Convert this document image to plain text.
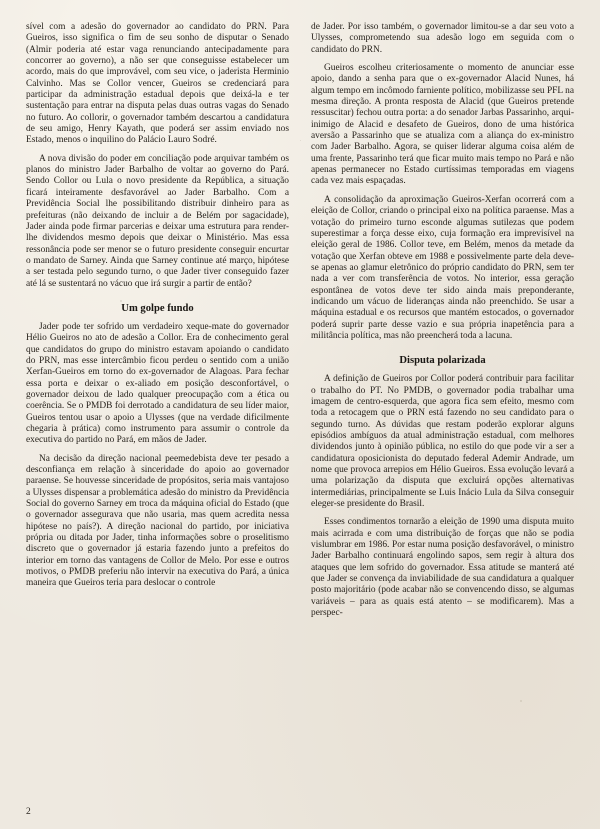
sível com a adesão do governador ao candidato do PRN. Para Gueiros, isso significa o fim de seu sonho de disputar o Senado (Almir poderia até estar vaga renunciando antecipadamente para concorrer ao governo), a não ser que conseguisse estabelecer um acordo, mais do que improvável, com seu vice, o jaderista Herminio Calvinho. Mas se Collor vencer, Gueiros se credenciará para participar da administração estadual depois que deixá-la e ter sustentação para entrar na disputa pelas duas outras vagas do Senado no futuro. Ao collorir, o governador também descartou a candidatura de seu amigo, Henry Kayath, que poderá ser assim enviado nos Estado, menos o inquilino do Palácio Lauro Sodré.

A nova divisão do poder em conciliação pode arquivar também os planos do ministro Jader Barbalho de voltar ao governo do Pará. Sendo Collor ou Lula o novo presidente da República, a situação ficará inteiramente desfavorável ao Jader Barbalho. Com a Previdência Social lhe possibilitando distribuir dinheiro para as prefeituras (não deixando de incluir a de Belém por sagacidade), Jader ainda pode firmar parcerias e deixar uma estrutura para render-lhe dividendos mesmo depois que deixar o Ministério. Mas essa ressonância pode ser menor se o futuro presidente conseguir encurtar o mandato de Sarney. Ainda que Sarney continue até março, hipótese a ser testada pelo segundo turno, o que Jader tiver conseguido fazer até lá se sustentará no vácuo que irá surgir a partir de então?

Um golpe fundo

Jader pode ter sofrido um verdadeiro xeque-mate do governador Hélio Gueiros no ato de adesão a Collor. Era de conhecimento geral que candidatos do grupo do ministro estavam apoiando o candidato do PRN, mas esse intercâmbio ficou perdeu o sentido com a união Xerfan-Gueiros em torno do ex-governador de Alagoas. Para fechar essa porta e deixar o ex-aliado em posição desconfortável, o governador deixou de lado qualquer preocupação com a ética ou coerência. Se o PMDB foi derrotado a candidatura de seu líder maior, Gueiros tentou usar o apoio a Ulysses (que na verdade dificilmente chegaria à prática) como instrumento para assumir o controle da executiva do partido no Pará, em mãos de Jader.

Na decisão da direção nacional peemedebista deve ter pesado a desconfiança em relação à sinceridade do apoio ao governador paraense. Se houvesse sinceridade de propósitos, seria mais vantajoso a Ulysses dispensar a problemática adesão do ministro da Previdência Social do governo Sarney em troca da máquina oficial do Estado (que o governador assegurava que não usaria, mas quem acredita nessa hipótese no país?). A direção nacional do partido, por iniciativa própria ou ditada por Jader, tinha informações sobre o proselitismo discreto que o governador já estaria fazendo junto a prefeitos do interior em torno das vantagens de Collor de Melo. Por esse e outros motivos, o PMDB preferiu não intervir na executiva do Pará, a única maneira que Gueiros teria para deslocar o controle

de Jader. Por isso também, o governador limitou-se a dar seu voto a Ulysses, comprometendo sua adesão logo em seguida com o candidato do PRN.

Gueiros escolheu criteriosamente o momento de anunciar esse apoio, dando a senha para que o ex-governador Alacid Nunes, há algum tempo em incômodo farniente político, mobilizasse seu PFL na mesma direção. A pronta resposta de Alacid (que Gueiros pretende ressuscitar) fechou outra porta: a do senador Jarbas Passarinho, arqui-inimigo de Alacid e desafeto de Gueiros, dono de uma histórica aversão a Passarinho que se atualiza com a aliança do ex-ministro com Jader Barbalho. Agora, se quiser liderar alguma coisa além de uma frente, Passarinho terá que ficar muito mais tempo no Pará e não apenas permanecer no Estado curtíssimas temporadas em viagens cada vez mais espaçadas.

A consolidação da aproximação Gueiros-Xerfan ocorrerá com a eleição de Collor, criando o principal eixo na política paraense. Mas a votação do primeiro turno esconde algumas sutilezas que podem superestimar a força desse eixo, cuja formação era imprevisível na eleição geral de 1986. Collor teve, em Belém, menos da metade da votação que Xerfan obteve em 1988 e possivelmente parte dela deve-se apenas ao glamur eletrônico do próprio candidato do PRN, sem ter nada a ver com transferência de votos. No interior, essa geração espontânea de votos deve ter sido ainda mais preponderante, indicando um vácuo de lideranças ainda não preenchido. Se usar a máquina estadual e os recursos que mantém estocados, o governador poderá suprir parte desse vazio e sua própria inapetência para a militância política, mas não preencherá toda a lacuna.

Disputa polarizada

A definição de Gueiros por Collor poderá contribuir para facilitar o trabalho do PT. No PMDB, o governador podia trabalhar uma imagem de centro-esquerda, que agora fica sem efeito, mesmo com toda a retocagem que o PRN está fazendo no seu candidato para o segundo turno. As dúvidas que restam poderão explorar alguns episódios ambíguos da atual administração estadual, com melhores dividendos junto à opinião pública, no estilo do que pode vir a ser a candidatura oposicionista do deputado federal Ademir Andrade, um nome que provoca arrepios em Hélio Gueiros. Essa evolução levará a uma polarização da disputa que excluirá opções alternativas intermediárias, principalmente se Luis Inácio Lula da Silva conseguir eleger-se presidente do Brasil.

Esses condimentos tornarão a eleição de 1990 uma disputa muito mais acirrada e com uma distribuição de forças que não se podia vislumbrar em 1986. Por estar numa posição desfavorável, o ministro Jader Barbalho continuará engolindo sapos, sem regir à altura dos ataques que lem sofrido do governador. Essa atitude se manterá até que Jader se convença da inviabilidade de sua candidatura a qualquer posto majoritário (pode acabar não se convencendo disso, se algumas variáveis – para as quais está atento – se modificarem). Mas a perspec-

2
